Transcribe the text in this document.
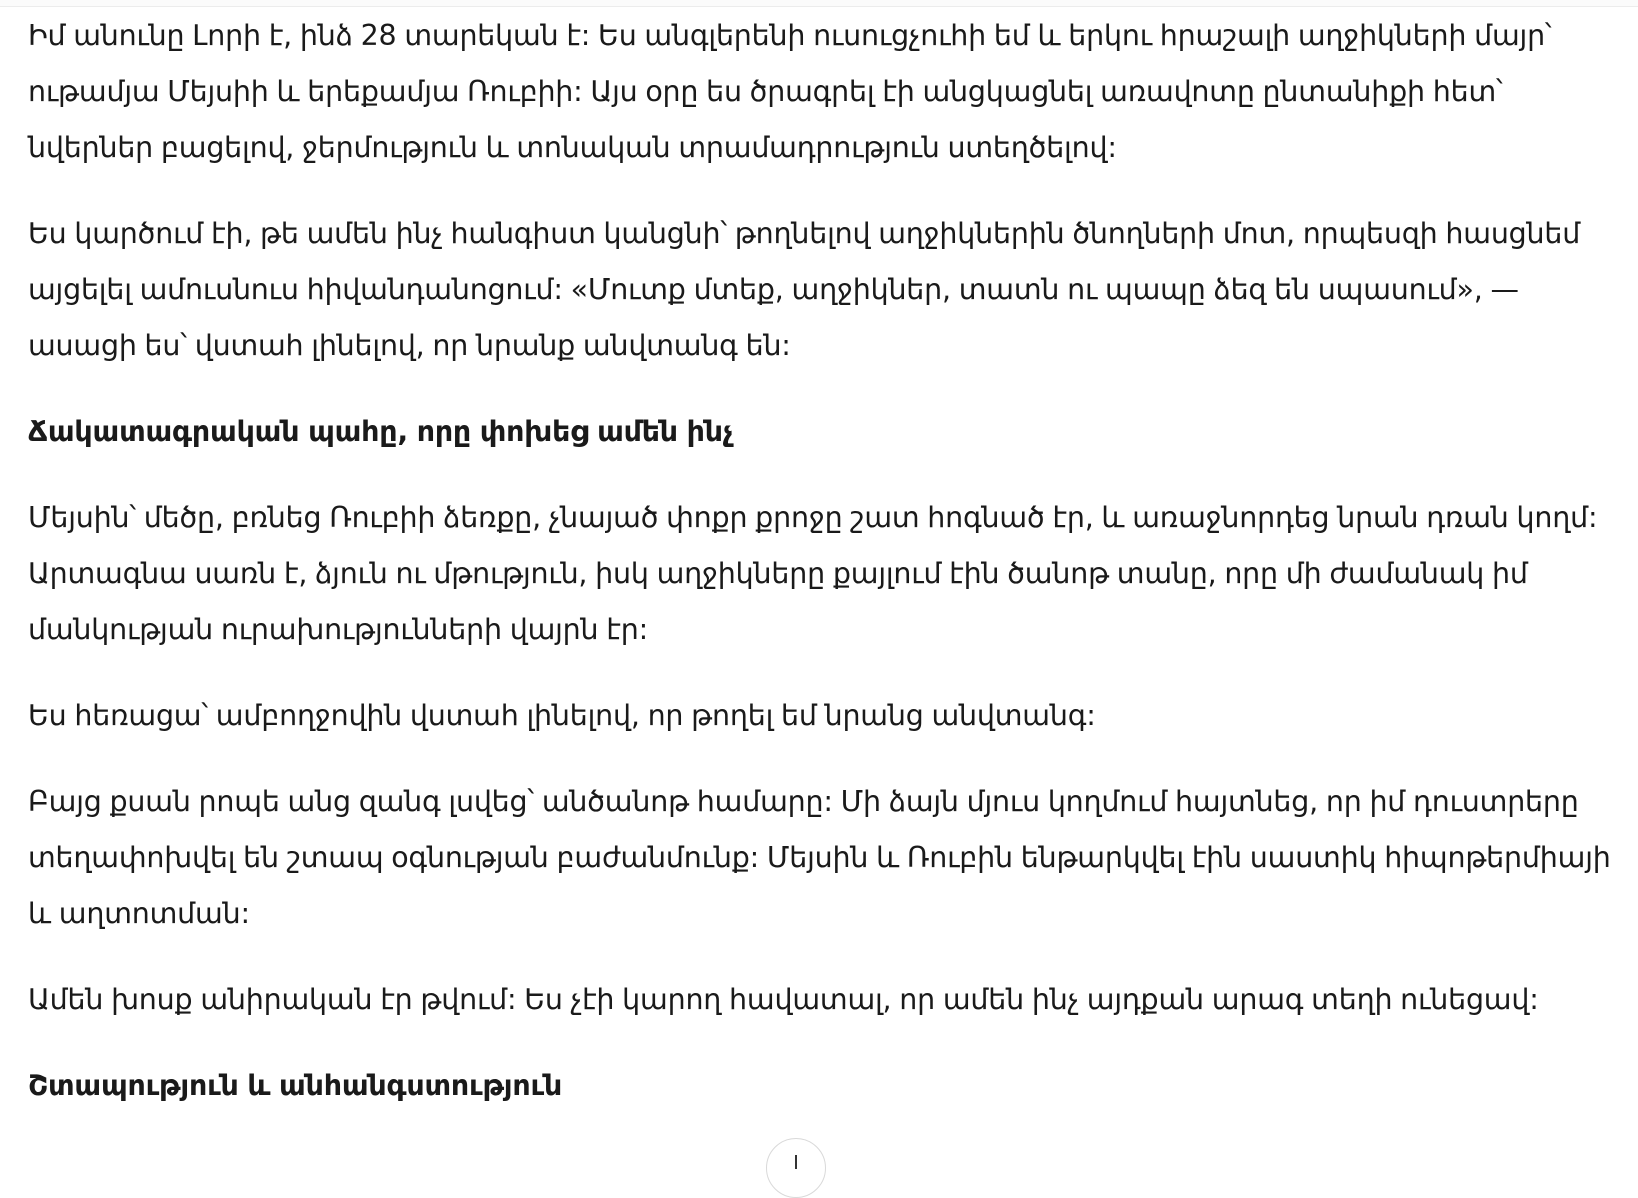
Իմ անունը Լորի է, ինձ 28 տարեկան է: Ես անգլերենի ուսուցչուհի եմ և երկու հրաշալի աղջիկների մայր՝ ութամյա Մեյսիի և երեքամյա Ռուբիի: Այս օրը ես ծրագրել էի անցկացնել առավոտը ընտանիքի հետ՝ նվերներ բացելով, ջերմություն և տոնական տրամադրություն ստեղծելով:

Ես կարծում էի, թե ամեն ինչ հանգիստ կանցնի՝ թողնելով աղջիկներին ծնողների մոտ, որպեսզի հասցնեմ այցելել ամուսնուս հիվանդանոցում: «Մուտք մտեք, աղջիկներ, տատն ու պապը ձեզ են սպասում», — ասացի ես՝ վստահ լինելով, որ նրանք անվտանգ են:

Ճակատագրական պահը, որը փոխեց ամեն ինչ

Մեյսին՝ մեծը, բռնեց Ռուբիի ձեռքը, չնայած փոքր քրոջը շատ հոգնած էր, և առաջնորդեց նրան դռան կողմ: Արտագնա սառն է, ձյուն ու մթություն, իսկ աղջիկները քայլում էին ծանոթ տանը, որը մի ժամանակ իմ մանկության ուրախությունների վայրն էր:

Ես հեռացա՝ ամբողջովին վստահ լինելով, որ թողել եմ նրանց անվտանգ:

Բայց քսան րոպե անց զանգ լսվեց՝ անծանոթ համարը: Մի ձայն մյուս կողմում հայտնեց, որ իմ դուստրերը տեղափոխվել են շտապ օգնության բաժանմունք: Մեյսին և Ռուբին ենթարկվել էին սաստիկ հիպոթերմիայի և աղտոտման:

Ամեն խոսք անիրական էր թվում: Ես չէի կարող հավատալ, որ ամեն ինչ այդքան արագ տեղի ունեցավ:

Շտապություն և անհանգստություն
